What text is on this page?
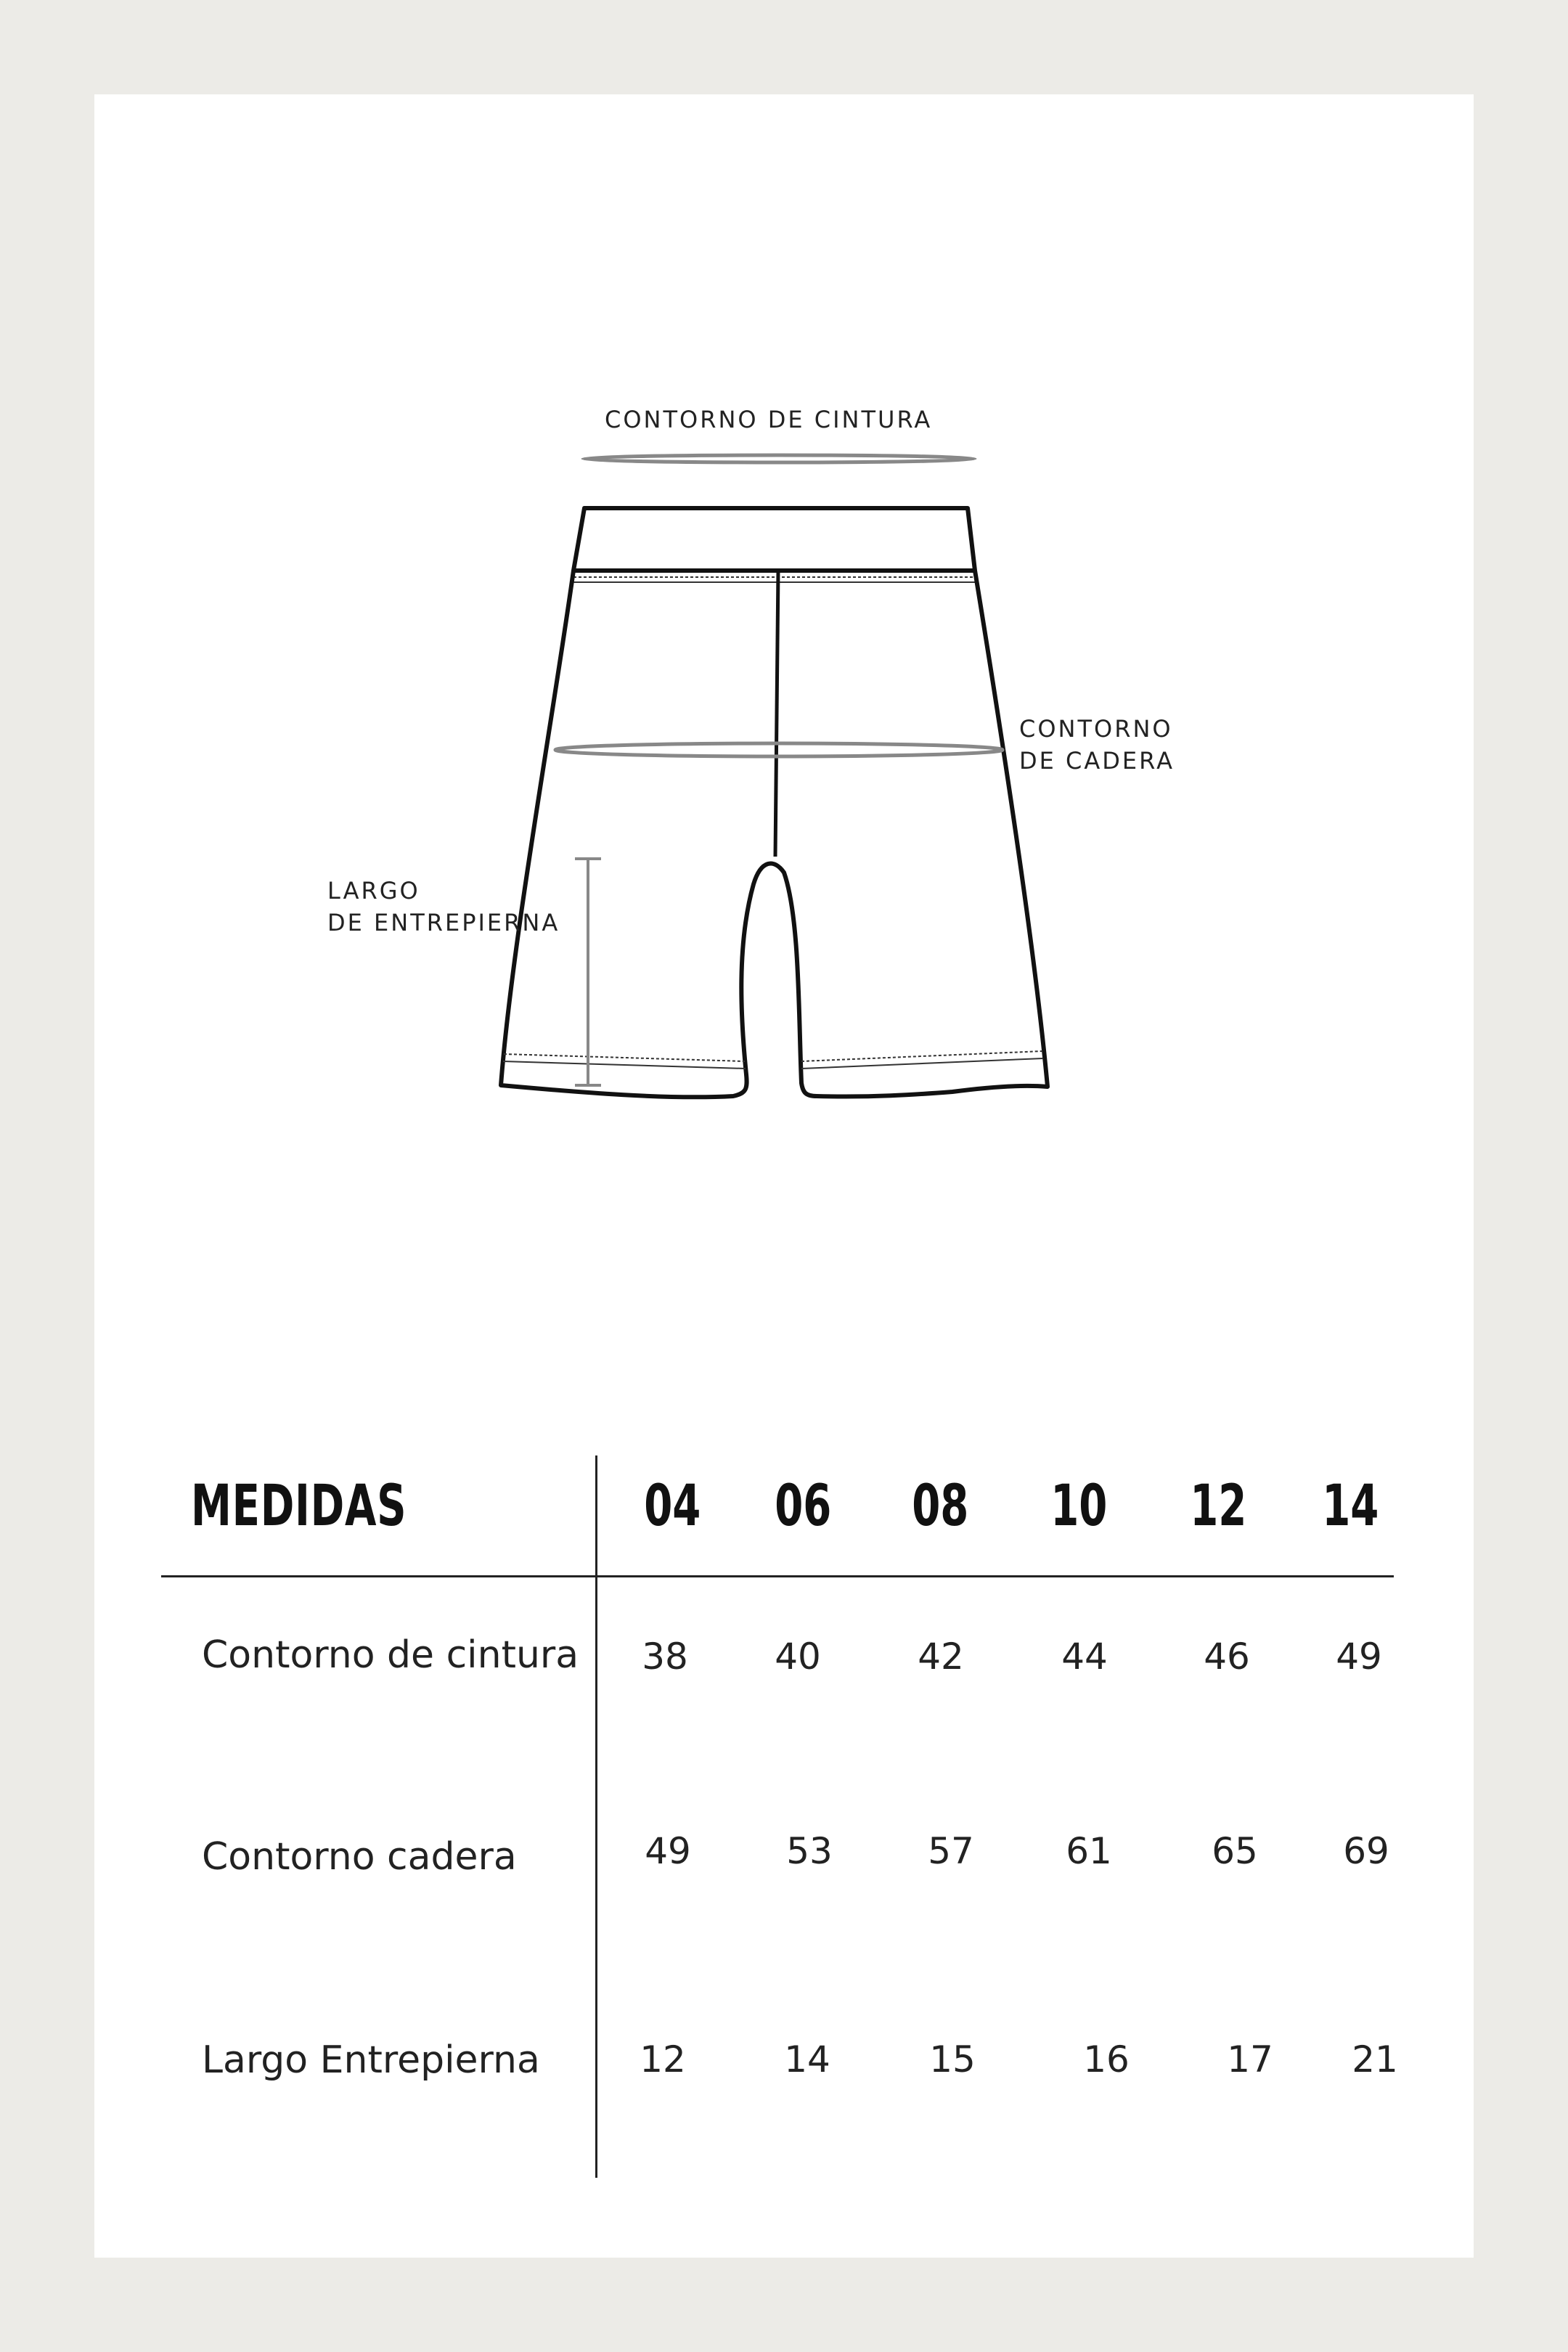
CONTORNO DE CINTURA
CONTORNO
DE CADERA
LARGO
DE ENTREPIERNA
MEDIDAS	04	06	08	10	12	14
Contorno de cintura	38	40	42	44	46	49
Contorno cadera	49	53	57	61	65	69
Largo Entrepierna	12	14	15	16	17	21
